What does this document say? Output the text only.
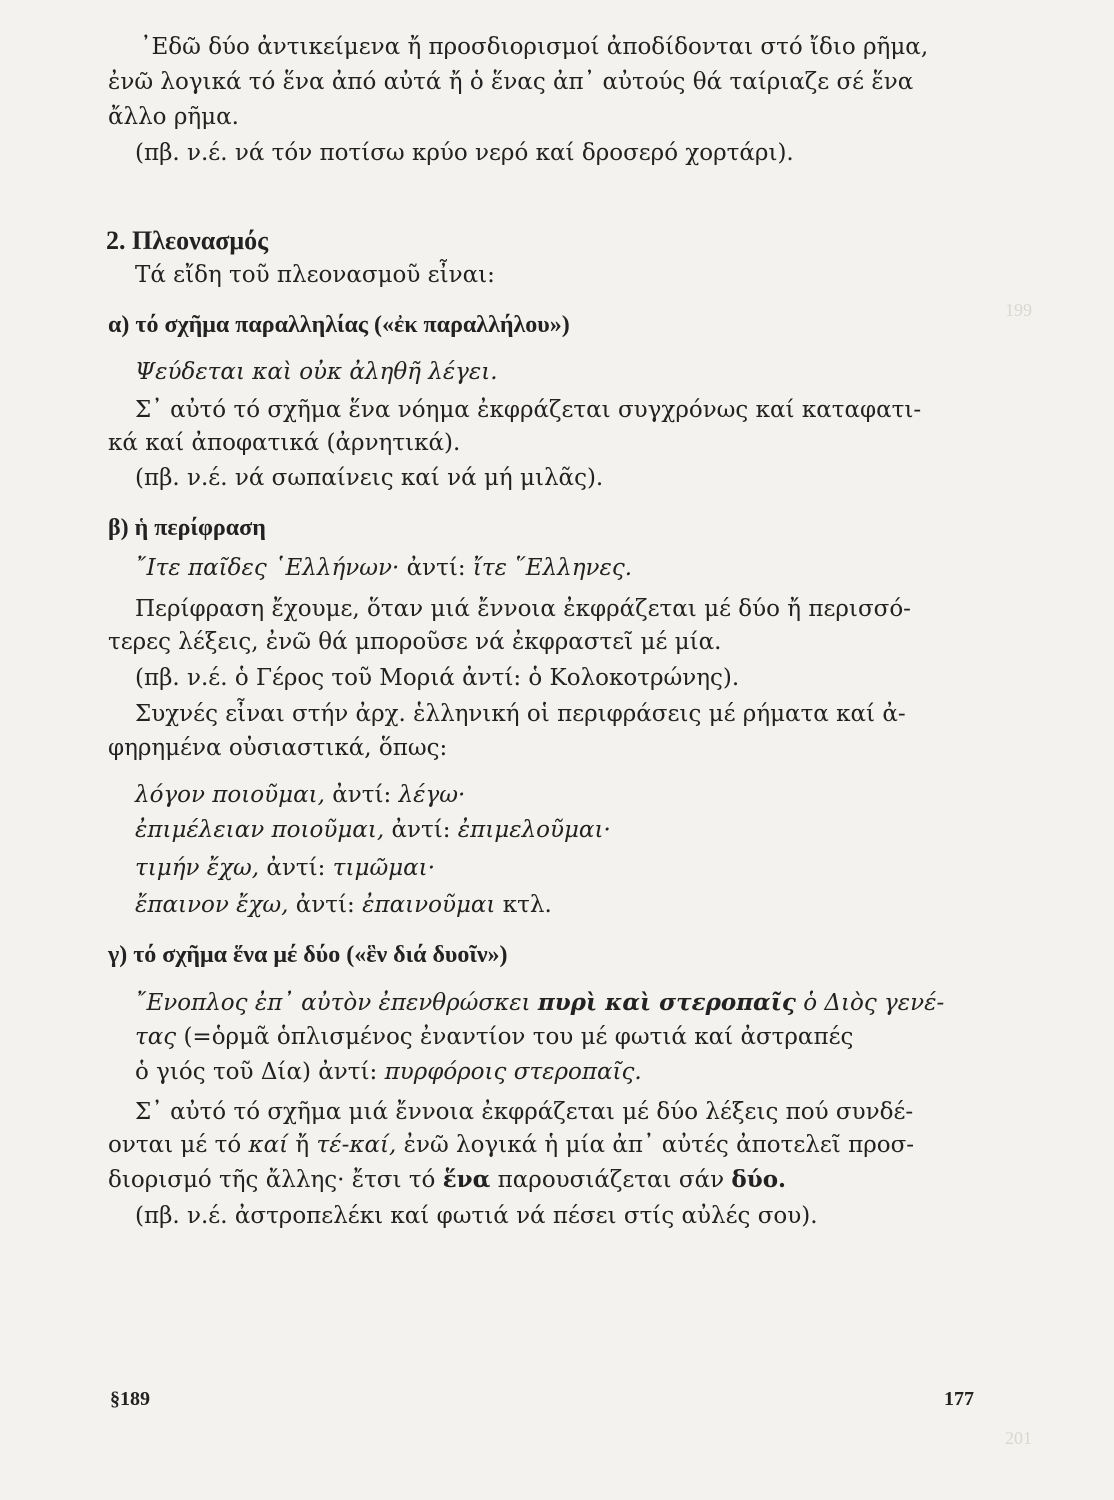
199
201
᾿Εδῶ δύο ἀντικείμενα ἤ προσδιορισμοί ἀποδίδονται στό ἴδιο ρῆμα,
ἐνῶ λογικά τό ἕνα ἀπό αὐτά ἤ ὁ ἕνας ἀπ᾿ αὐτούς θά ταίριαζε σέ ἕνα
ἄλλο ρῆμα.
(πβ. ν.έ. νά τόν ποτίσω κρύο νερό καί δροσερό χορτάρι).
2. Πλεονασμός
Τά εἴδη τοῦ πλεονασμοῦ εἶναι:
α) τό σχῆμα παραλληλίας («ἐκ παραλλήλου»)
Ψεύδεται καὶ οὐκ ἀληθῆ λέγει.
Σ᾿ αὐτό τό σχῆμα ἕνα νόημα ἐκφράζεται συγχρόνως καί καταφατι-
κά καί ἀποφατικά (ἀρνητικά).
(πβ. ν.έ. νά σωπαίνεις καί νά μή μιλᾶς).
β) ἡ περίφραση
῎Ιτε παῖδες ῾Ελλήνων· ἀντί: ἴτε ῞Ελληνες.
Περίφραση ἔχουμε, ὅταν μιά ἔννοια ἐκφράζεται μέ δύο ἤ περισσό-
τερες λέξεις, ἐνῶ θά μποροῦσε νά ἐκφραστεῖ μέ μία.
(πβ. ν.έ. ὁ Γέρος τοῦ Μοριά ἀντί: ὁ Κολοκοτρώνης).
Συχνές εἶναι στήν ἀρχ. ἑλληνική οἱ περιφράσεις μέ ρήματα καί ἀ-
φηρημένα οὐσιαστικά, ὅπως:
λόγον ποιοῦμαι, ἀντί: λέγω·
ἐπιμέλειαν ποιοῦμαι, ἀντί: ἐπιμελοῦμαι·
τιμήν ἔχω, ἀντί: τιμῶμαι·
ἔπαινον ἔχω, ἀντί: ἐπαινοῦμαι κτλ.
γ) τό σχῆμα ἕνα μέ δύο («ἓν διά δυοῖν»)
῎Ενοπλος ἐπ᾿ αὐτὸν ἐπενθρώσκει πυρὶ καὶ στεροπαῖς ὁ Διὸς γενέ-
τας (=ὁρμᾶ ὁπλισμένος ἐναντίον του μέ φωτιά καί ἀστραπές
ὁ γιός τοῦ Δία) ἀντί: πυρφόροις στεροπαῖς.
Σ᾿ αὐτό τό σχῆμα μιά ἔννοια ἐκφράζεται μέ δύο λέξεις πού συνδέ-
ονται μέ τό καί ἤ τέ-καί, ἐνῶ λογικά ἡ μία ἀπ᾿ αὐτές ἀποτελεῖ προσ-
διορισμό τῆς ἄλλης· ἔτσι τό ἕνα παρουσιάζεται σάν δύο.
(πβ. ν.έ. ἀστροπελέκι καί φωτιά νά πέσει στίς αὐλές σου).
§189	177
